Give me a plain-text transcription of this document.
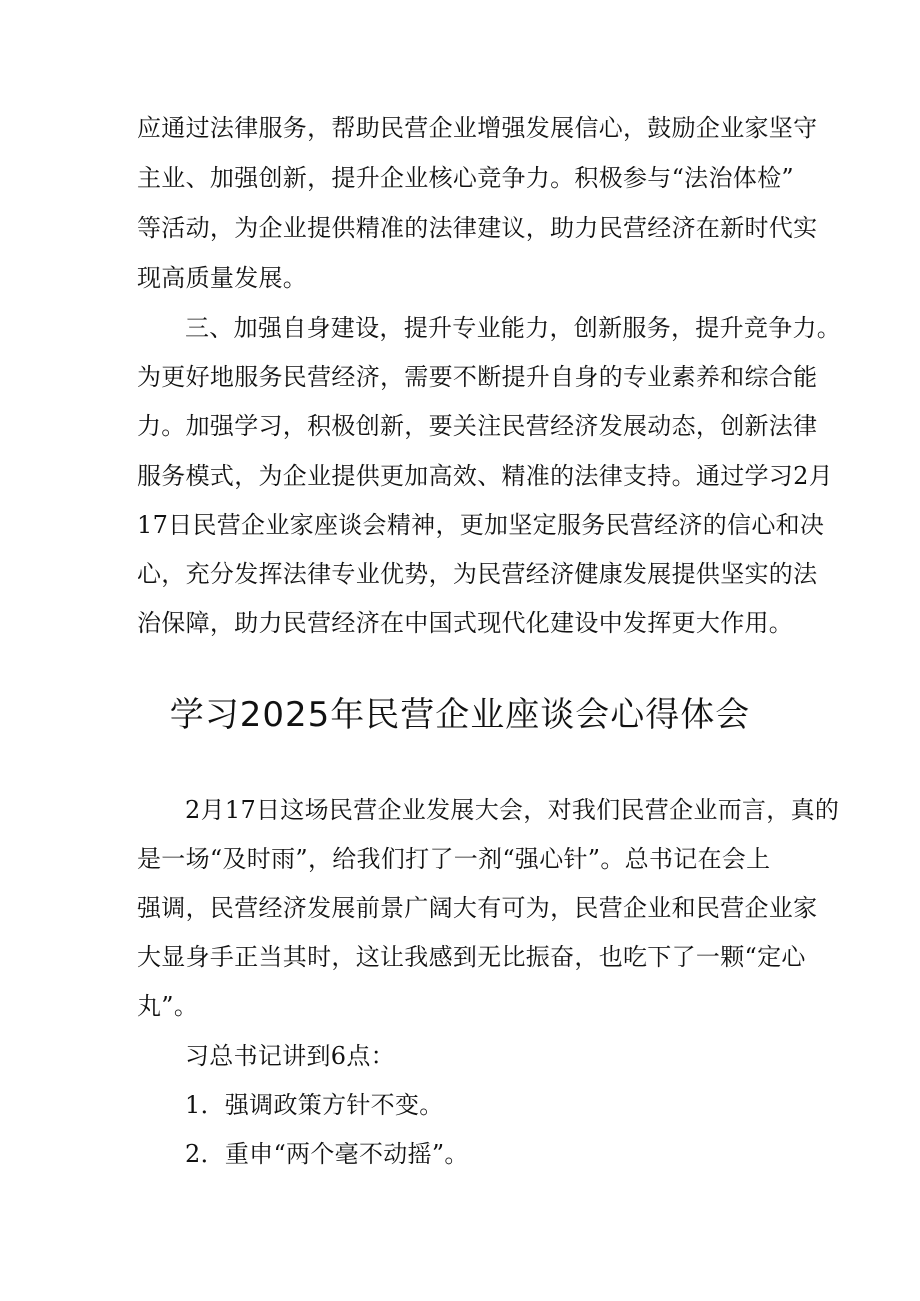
应通过法律服务，帮助民营企业增强发展信心，鼓励企业家坚守
主业、加强创新，提升企业核心竞争力。积极参与“法治体检”
等活动，为企业提供精准的法律建议，助力民营经济在新时代实
现高质量发展。
三、加强自身建设，提升专业能力，创新服务，提升竞争力。
为更好地服务民营经济，需要不断提升自身的专业素养和综合能
力。加强学习，积极创新，要关注民营经济发展动态，创新法律
服务模式，为企业提供更加高效、精准的法律支持。通过学习2月
17日民营企业家座谈会精神，更加坚定服务民营经济的信心和决
心，充分发挥法律专业优势，为民营经济健康发展提供坚实的法
治保障，助力民营经济在中国式现代化建设中发挥更大作用。
学习2025年民营企业座谈会心得体会
2月17日这场民营企业发展大会，对我们民营企业而言，真的
是一场“及时雨”，给我们打了一剂“强心针”。总书记在会上
强调，民营经济发展前景广阔大有可为，民营企业和民营企业家
大显身手正当其时，这让我感到无比振奋，也吃下了一颗“定心
丸”。
习总书记讲到6点：
1．强调政策方针不变。
2．重申“两个毫不动摇”。
